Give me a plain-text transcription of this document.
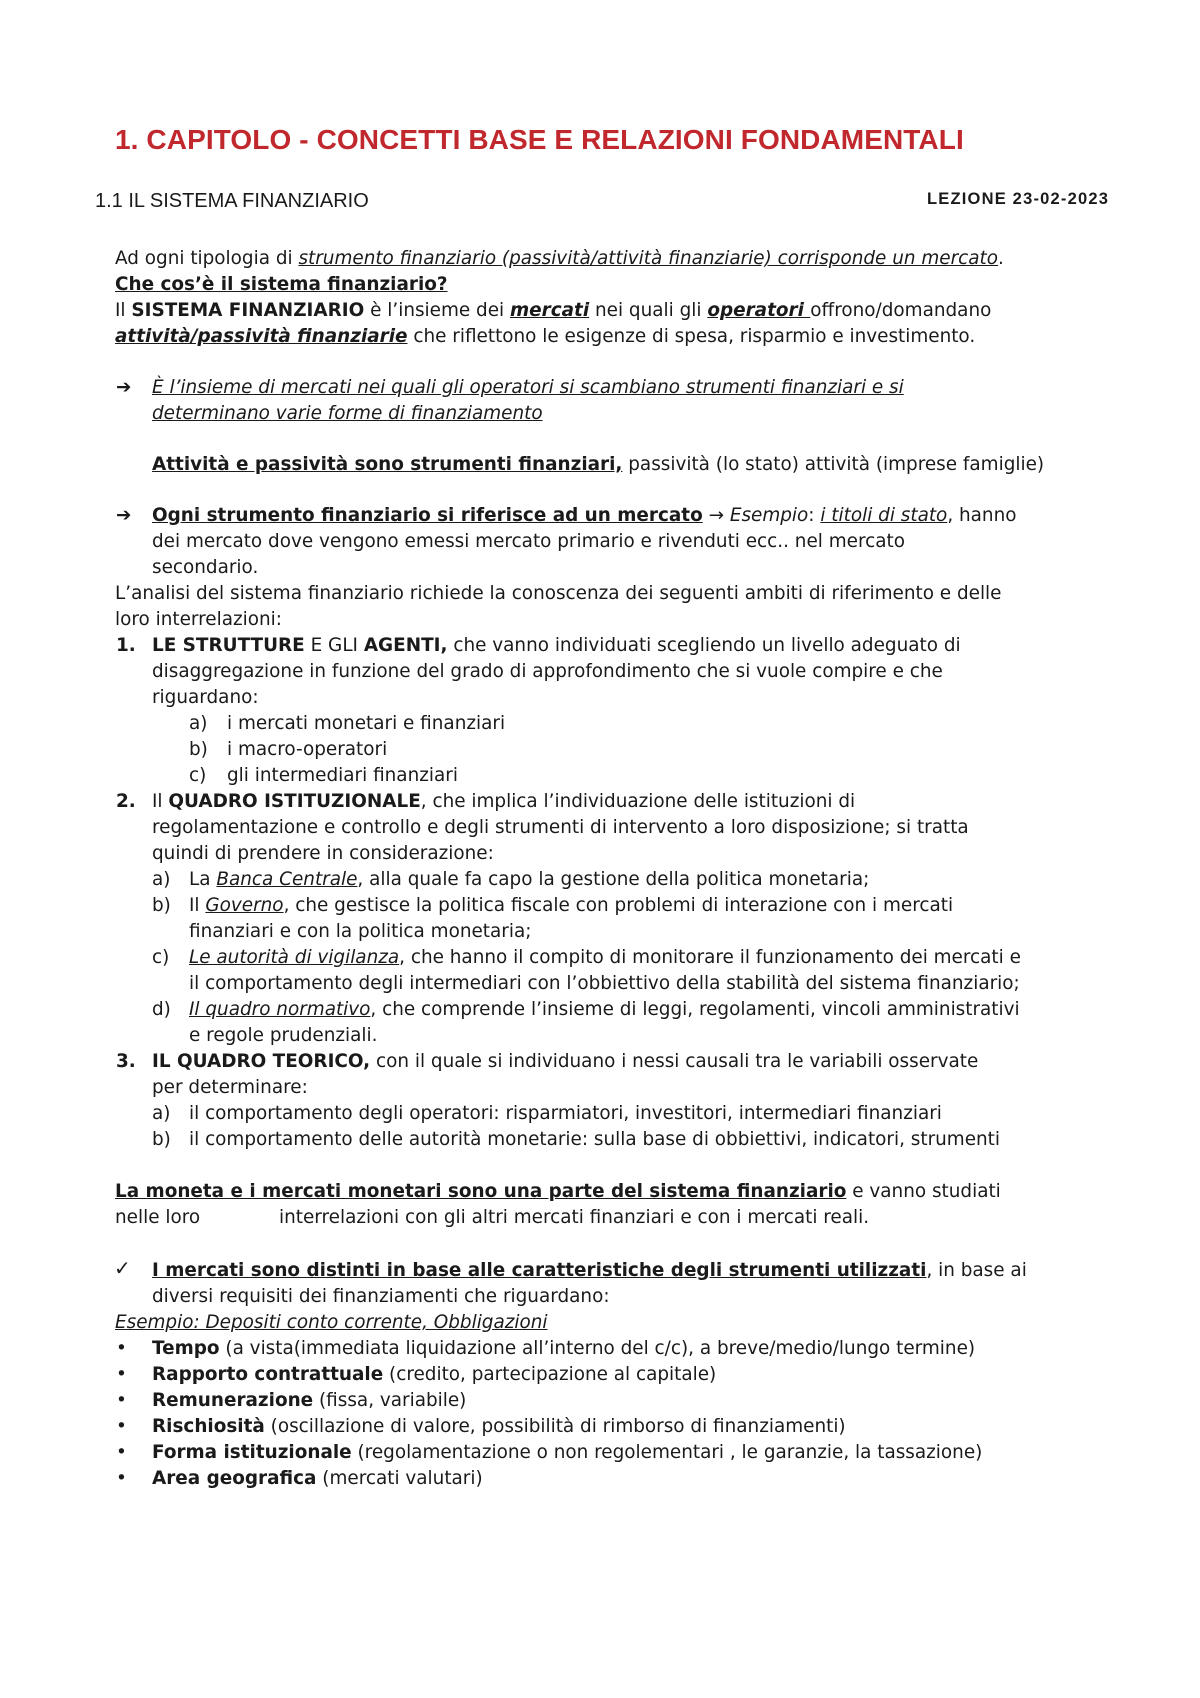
1. CAPITOLO - CONCETTI BASE E RELAZIONI FONDAMENTALI
1.1 IL SISTEMA FINANZIARIO	LEZIONE 23-02-2023
Ad ogni tipologia di strumento finanziario (passività/attività finanziarie) corrisponde un mercato.
Che cos’è il sistema finanziario?
Il SISTEMA FINANZIARIO è l’insieme dei mercati nei quali gli operatori offrono/domandano
attività/passività finanziarie che riflettono le esigenze di spesa, risparmio e investimento.
➔ È l’insieme di mercati nei quali gli operatori si scambiano strumenti finanziari e si
determinano varie forme di finanziamento
Attività e passività sono strumenti finanziari, passività (lo stato) attività (imprese famiglie)
➔ Ogni strumento finanziario si riferisce ad un mercato → Esempio: i titoli di stato, hanno
dei mercato dove vengono emessi mercato primario e rivenduti ecc.. nel mercato
secondario.
L’analisi del sistema finanziario richiede la conoscenza dei seguenti ambiti di riferimento e delle
loro interrelazioni:
1. LE STRUTTURE E GLI AGENTI, che vanno individuati scegliendo un livello adeguato di
disaggregazione in funzione del grado di approfondimento che si vuole compire e che
riguardano:
a) i mercati monetari e finanziari
b) i macro-operatori
c) gli intermediari finanziari
2. Il QUADRO ISTITUZIONALE, che implica l’individuazione delle istituzioni di
regolamentazione e controllo e degli strumenti di intervento a loro disposizione; si tratta
quindi di prendere in considerazione:
a) La Banca Centrale, alla quale fa capo la gestione della politica monetaria;
b) Il Governo, che gestisce la politica fiscale con problemi di interazione con i mercati
finanziari e con la politica monetaria;
c) Le autorità di vigilanza, che hanno il compito di monitorare il funzionamento dei mercati e
il comportamento degli intermediari con l’obbiettivo della stabilità del sistema finanziario;
d) Il quadro normativo, che comprende l’insieme di leggi, regolamenti, vincoli amministrativi
e regole prudenziali.
3. IL QUADRO TEORICO, con il quale si individuano i nessi causali tra le variabili osservate
per determinare:
a) il comportamento degli operatori: risparmiatori, investitori, intermediari finanziari
b) il comportamento delle autorità monetarie: sulla base di obbiettivi, indicatori, strumenti
La moneta e i mercati monetari sono una parte del sistema finanziario e vanno studiati
nelle loro	interrelazioni con gli altri mercati finanziari e con i mercati reali.
✓ I mercati sono distinti in base alle caratteristiche degli strumenti utilizzati, in base ai
diversi requisiti dei finanziamenti che riguardano:
Esempio: Depositi conto corrente, Obbligazioni
• Tempo (a vista(immediata liquidazione all’interno del c/c), a breve/medio/lungo termine)
• Rapporto contrattuale (credito, partecipazione al capitale)
• Remunerazione (fissa, variabile)
• Rischiosità (oscillazione di valore, possibilità di rimborso di finanziamenti)
• Forma istituzionale (regolamentazione o non regolementari , le garanzie, la tassazione)
• Area geografica (mercati valutari)
